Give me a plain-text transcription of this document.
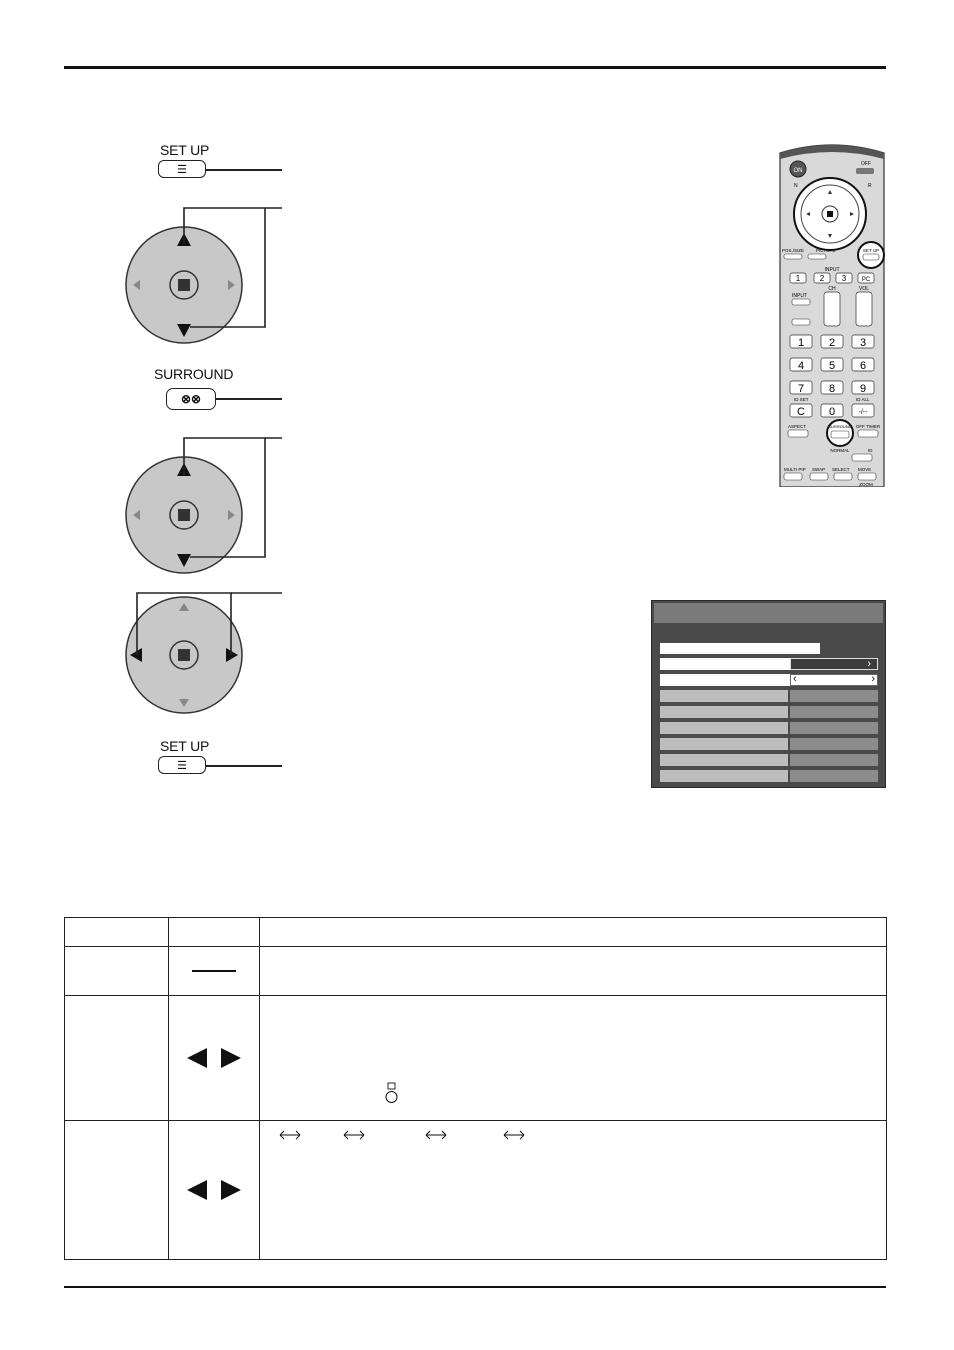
SET UP
☰
SURROUND
⊗⊗
SET UP
☰
ON
OFF
N	R
POS./SIZE	PICTURE	SET UP
INPUT
1 2 3	PC
CH	VOL
INPUT
1 2 3
4 5 6
7 8 9
C 0	-/--
ID SET	ID ALL
ASPECT	SURROUND OFF TIMER
NORMAL	ID
MULTI PIP SWAP SELECT MOVE
ZOOM
›
‹	›
